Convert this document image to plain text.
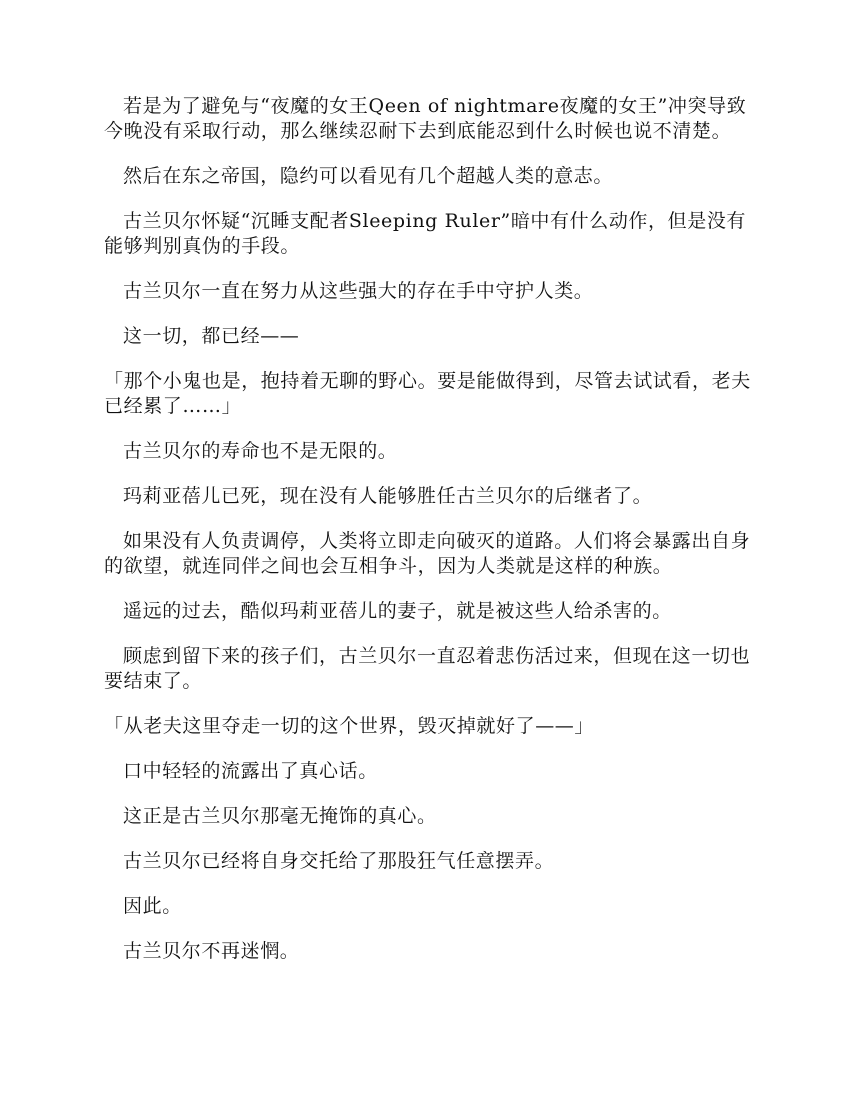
若是为了避免与“夜魔的女王Qeen of nightmare夜魔的女王”冲突导致今晚没有采取行动，那么继续忍耐下去到底能忍到什么时候也说不清楚。

然后在东之帝国，隐约可以看见有几个超越人类的意志。

古兰贝尔怀疑“沉睡支配者Sleeping Ruler”暗中有什么动作，但是没有能够判别真伪的手段。

古兰贝尔一直在努力从这些强大的存在手中守护人类。

这一切，都已经——

「那个小鬼也是，抱持着无聊的野心。要是能做得到，尽管去试试看，老夫已经累了……」

古兰贝尔的寿命也不是无限的。

玛莉亚蓓儿已死，现在没有人能够胜任古兰贝尔的后继者了。

如果没有人负责调停，人类将立即走向破灭的道路。人们将会暴露出自身的欲望，就连同伴之间也会互相争斗，因为人类就是这样的种族。

遥远的过去，酷似玛莉亚蓓儿的妻子，就是被这些人给杀害的。

顾虑到留下来的孩子们，古兰贝尔一直忍着悲伤活过来，但现在这一切也要结束了。

「从老夫这里夺走一切的这个世界，毁灭掉就好了——」

口中轻轻的流露出了真心话。

这正是古兰贝尔那毫无掩饰的真心。

古兰贝尔已经将自身交托给了那股狂气任意摆弄。

因此。

古兰贝尔不再迷惘。
